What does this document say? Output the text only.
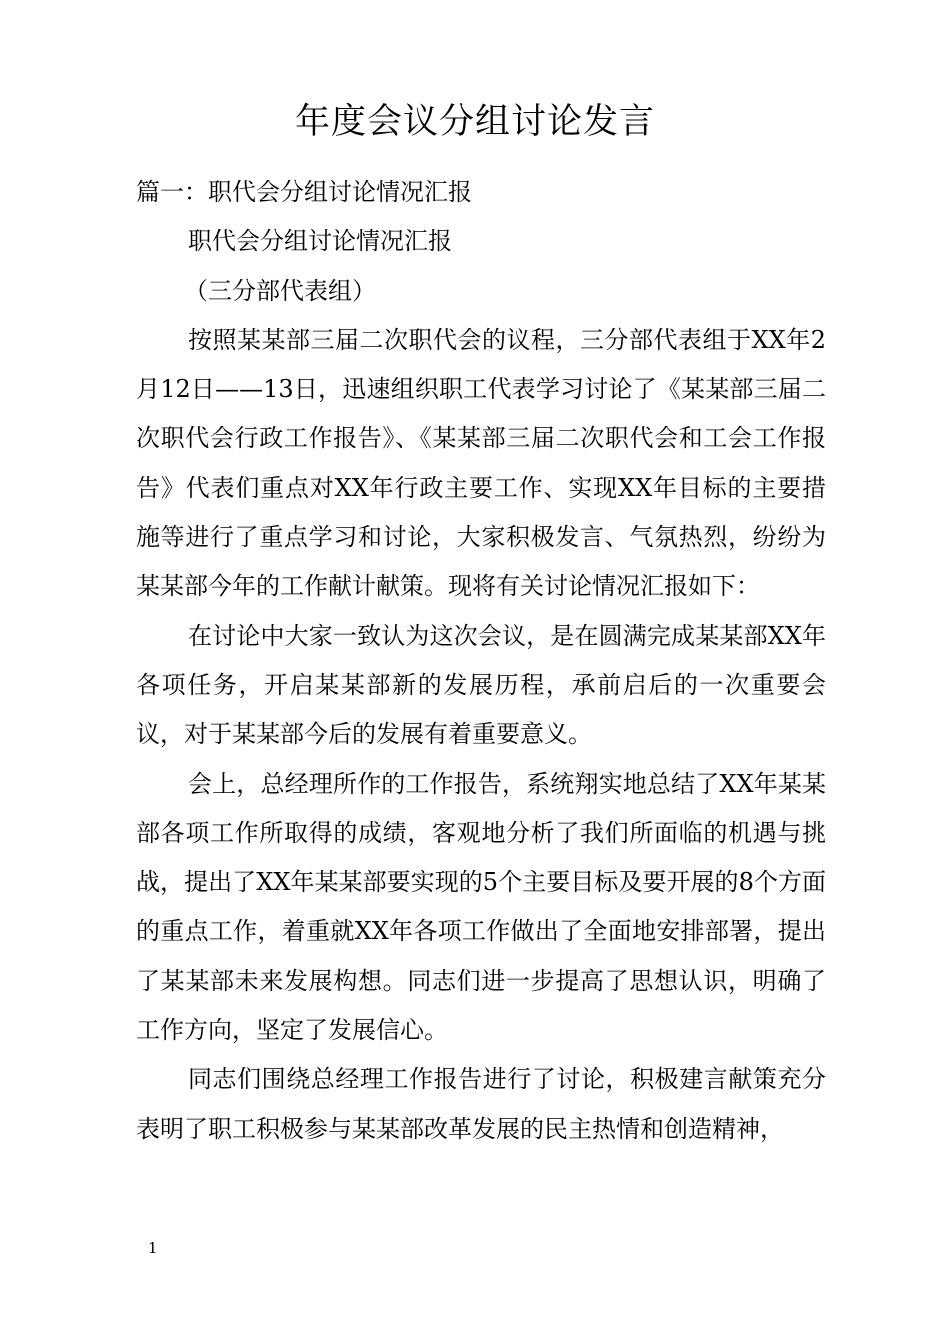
年度会议分组讨论发言

篇一：职代会分组讨论情况汇报

职代会分组讨论情况汇报

（三分部代表组）

按照某某部三届二次职代会的议程，三分部代表组于XX年2月12日——13日，迅速组织职工代表学习讨论了《某某部三届二次职代会行政工作报告》、《某某部三届二次职代会和工会工作报告》代表们重点对XX年行政主要工作、实现XX年目标的主要措施等进行了重点学习和讨论，大家积极发言、气氛热烈，纷纷为某某部今年的工作献计献策。现将有关讨论情况汇报如下：

在讨论中大家一致认为这次会议，是在圆满完成某某部XX年各项任务，开启某某部新的发展历程，承前启后的一次重要会议，对于某某部今后的发展有着重要意义。

会上，总经理所作的工作报告，系统翔实地总结了XX年某某部各项工作所取得的成绩，客观地分析了我们所面临的机遇与挑战，提出了XX年某某部要实现的5个主要目标及要开展的8个方面的重点工作，着重就XX年各项工作做出了全面地安排部署，提出了某某部未来发展构想。同志们进一步提高了思想认识，明确了工作方向，坚定了发展信心。

同志们围绕总经理工作报告进行了讨论，积极建言献策充分表明了职工积极参与某某部改革发展的民主热情和创造精神，

1
